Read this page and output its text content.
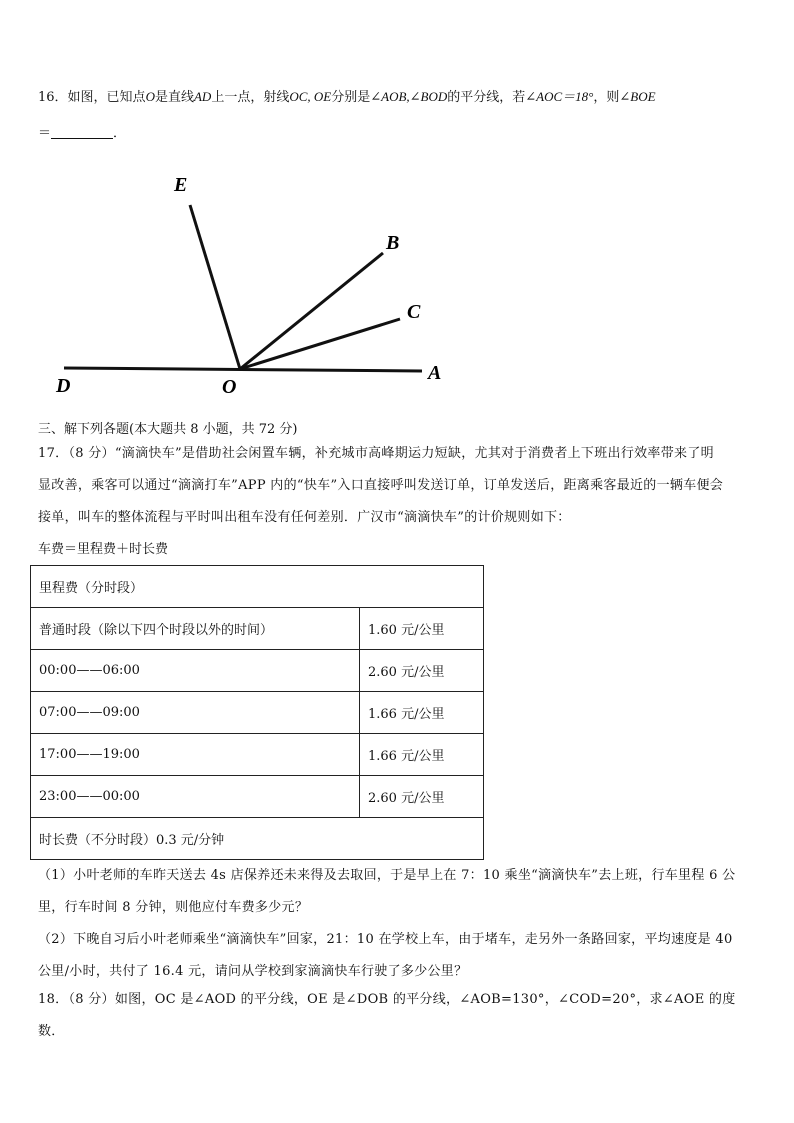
16．如图，已知点O是直线AD上一点，射线OC, OE分别是∠AOB,∠BOD的平分线，若∠AOC＝18°，则∠BOE
＝	．
E
B
C
D	O
A
三、解下列各题(本大题共 8 小题，共 72 分)
17．（8 分）“滴滴快车”是借助社会闲置车辆，补充城市高峰期运力短缺，尤其对于消费者上下班出行效率带来了明
显改善，乘客可以通过“滴滴打车”APP 内的“快车”入口直接呼叫发送订单，订单发送后，距离乘客最近的一辆车便会
接单，叫车的整体流程与平时叫出租车没有任何差别．广汉市“滴滴快车”的计价规则如下：
车费＝里程费＋时长费
里程费（分时段）	
普通时段（除以下四个时段以外的时间）	1.60 元/公里
00:00——06:00	2.60 元/公里
07:00——09:00	1.66 元/公里
17:00——19:00	1.66 元/公里
23:00——00:00	2.60 元/公里
时长费（不分时段）0.3 元/分钟	
（1）小叶老师的车昨天送去 4s 店保养还未来得及去取回，于是早上在 7：10 乘坐“滴滴快车”去上班，行车里程 6 公
里，行车时间 8 分钟，则他应付车费多少元？
（2）下晚自习后小叶老师乘坐“滴滴快车”回家，21：10 在学校上车，由于堵车，走另外一条路回家，平均速度是 40
公里/小时，共付了 16.4 元，请问从学校到家滴滴快车行驶了多少公里？
18．（8 分）如图，OC 是∠AOD 的平分线，OE 是∠DOB 的平分线，∠AOB=130°，∠COD=20°，求∠AOE 的度
数．
